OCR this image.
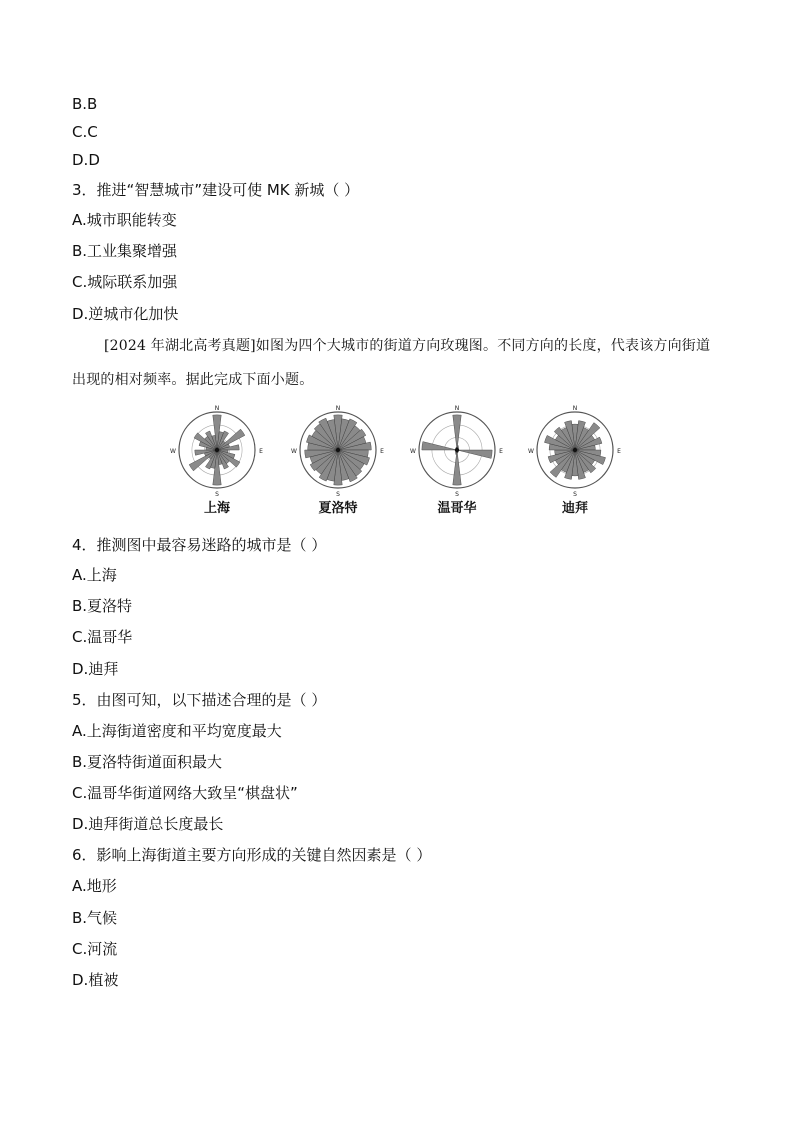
B.B
C.C
D.D
3．推进“智慧城市”建设可使 MK 新城（ ）
A.城市职能转变
B.工业集聚增强
C.城际联系加强
D.逆城市化加快
[2024 年湖北高考真题]如图为四个大城市的街道方向玫瑰图。不同方向的长度，代表该方向街道出现的相对频率。据此完成下面小题。
N
S
W	E
N
S
W	E
N
S
W	E
N
S
W	E
上海	夏洛特	温哥华	迪拜
4．推测图中最容易迷路的城市是（ ）
A.上海
B.夏洛特
C.温哥华
D.迪拜
5．由图可知，以下描述合理的是（ ）
A.上海街道密度和平均宽度最大
B.夏洛特街道面积最大
C.温哥华街道网络大致呈“棋盘状”
D.迪拜街道总长度最长
6．影响上海街道主要方向形成的关键自然因素是（ ）
A.地形
B.气候
C.河流
D.植被
